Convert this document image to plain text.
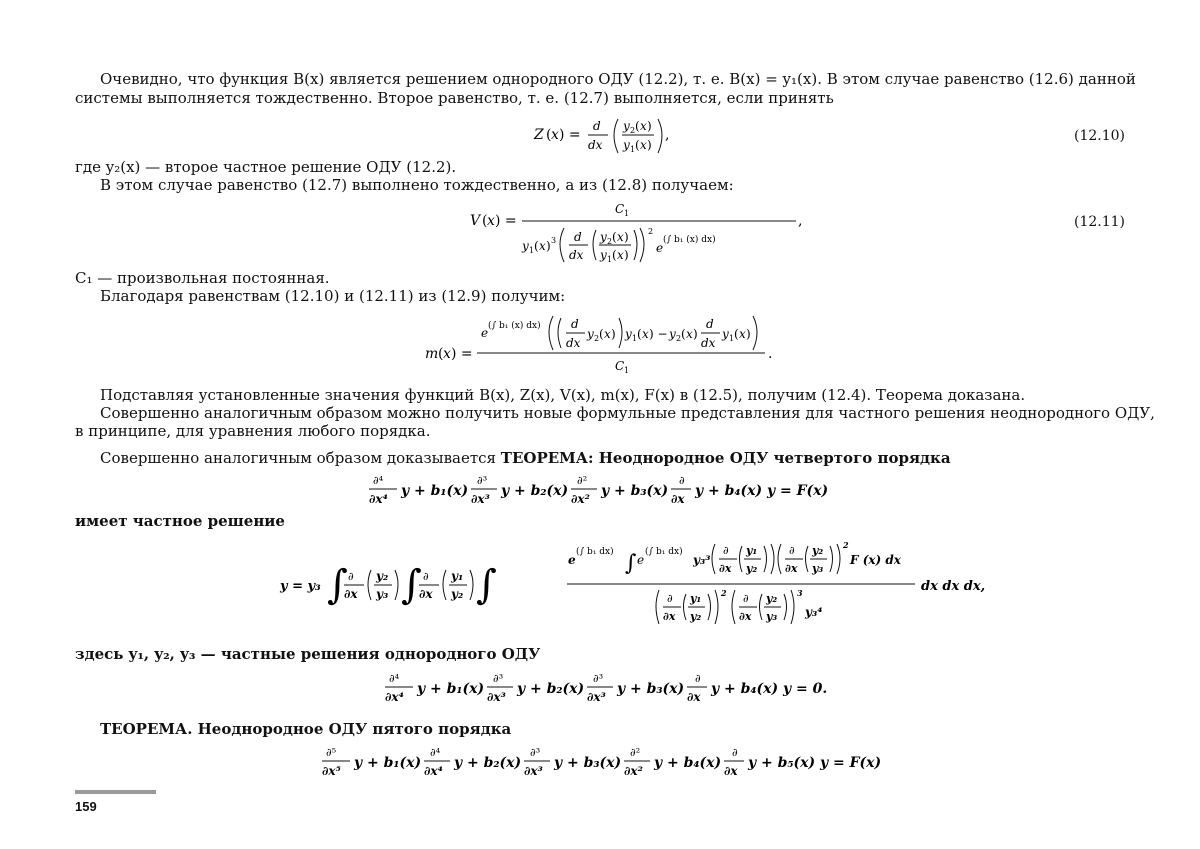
Очевидно, что функция B(x) является решением однородного ОДУ (12.2), т. е. B(x) = y₁(x). В этом случае равенство (12.6) данной

системы выполняется тождественно. Второе равенство, т. е. (12.7) выполняется, если принять

Z ( x ) =
d
dx
y 2 ( x )
y 1 ( x )
,	(12.10)

где y₂(x) — второе частное решение ОДУ (12.2).

В этом случае равенство (12.7) выполнено тождественно, а из (12.8) получаем:

V ( x ) =
C 1
y 1 ( x ) 3 d
dx
y 2 ( x )
y 1 ( x )
2
e
(∫ b₁ (x) dx)
,	(12.11)

C₁ — произвольная постоянная.

Благодаря равенствам (12.10) и (12.11) из (12.9) получим:

m ( x ) =
e (∫ b₁ (x) dx)	d
dx
y 2 ( x ) y 1 ( x ) − y 2 ( x )
d
dx
y 1 ( x )
C 1
.

Подставляя установленные значения функций B(x), Z(x), V(x), m(x), F(x) в (12.5), получим (12.4). Теорема доказана.

Совершенно аналогичным образом можно получить новые формульные представления для частного решения неоднородного ОДУ,

в принципе, для уравнения любого порядка.

Совершенно аналогичным образом доказывается ТЕОРЕМА: Неоднородное ОДУ четвертого порядка

∂⁴
∂x⁴ y + b₁(x)
∂³
∂x³ y + b₂(x)
∂²
∂x² y + b₃(x)
∂
∂x y + b₄(x) y = F(x)

имеет частное решение

y = y₃ ∫ ∂
∂x
y₂
y₃ ∫ ∂
∂x
y₁
y₂ ∫
e
(∫ b₁ dx) ∫ e
(∫ b₁ dx)
y₃³
∂
∂x
y₁
y₂
∂
∂x
y₂
y₃
2
F (x) dx
∂
∂x
y₁
y₂
2 ∂
∂x
y₂
y₃
3
y₃⁴
dx dx dx,

здесь y₁, y₂, y₃ — частные решения однородного ОДУ

∂⁴
∂x⁴ y + b₁(x)
∂³
∂x³ y + b₂(x)
∂³
∂x³ y + b₃(x)
∂
∂x y + b₄(x) y = 0.

ТЕОРЕМА. Неоднородное ОДУ пятого порядка

∂⁵
∂x⁵ y + b₁(x)
∂⁴
∂x⁴ y + b₂(x)
∂³
∂x³ y + b₃(x)
∂²
∂x² y + b₄(x)
∂
∂x y + b₅(x) y = F(x)
159
